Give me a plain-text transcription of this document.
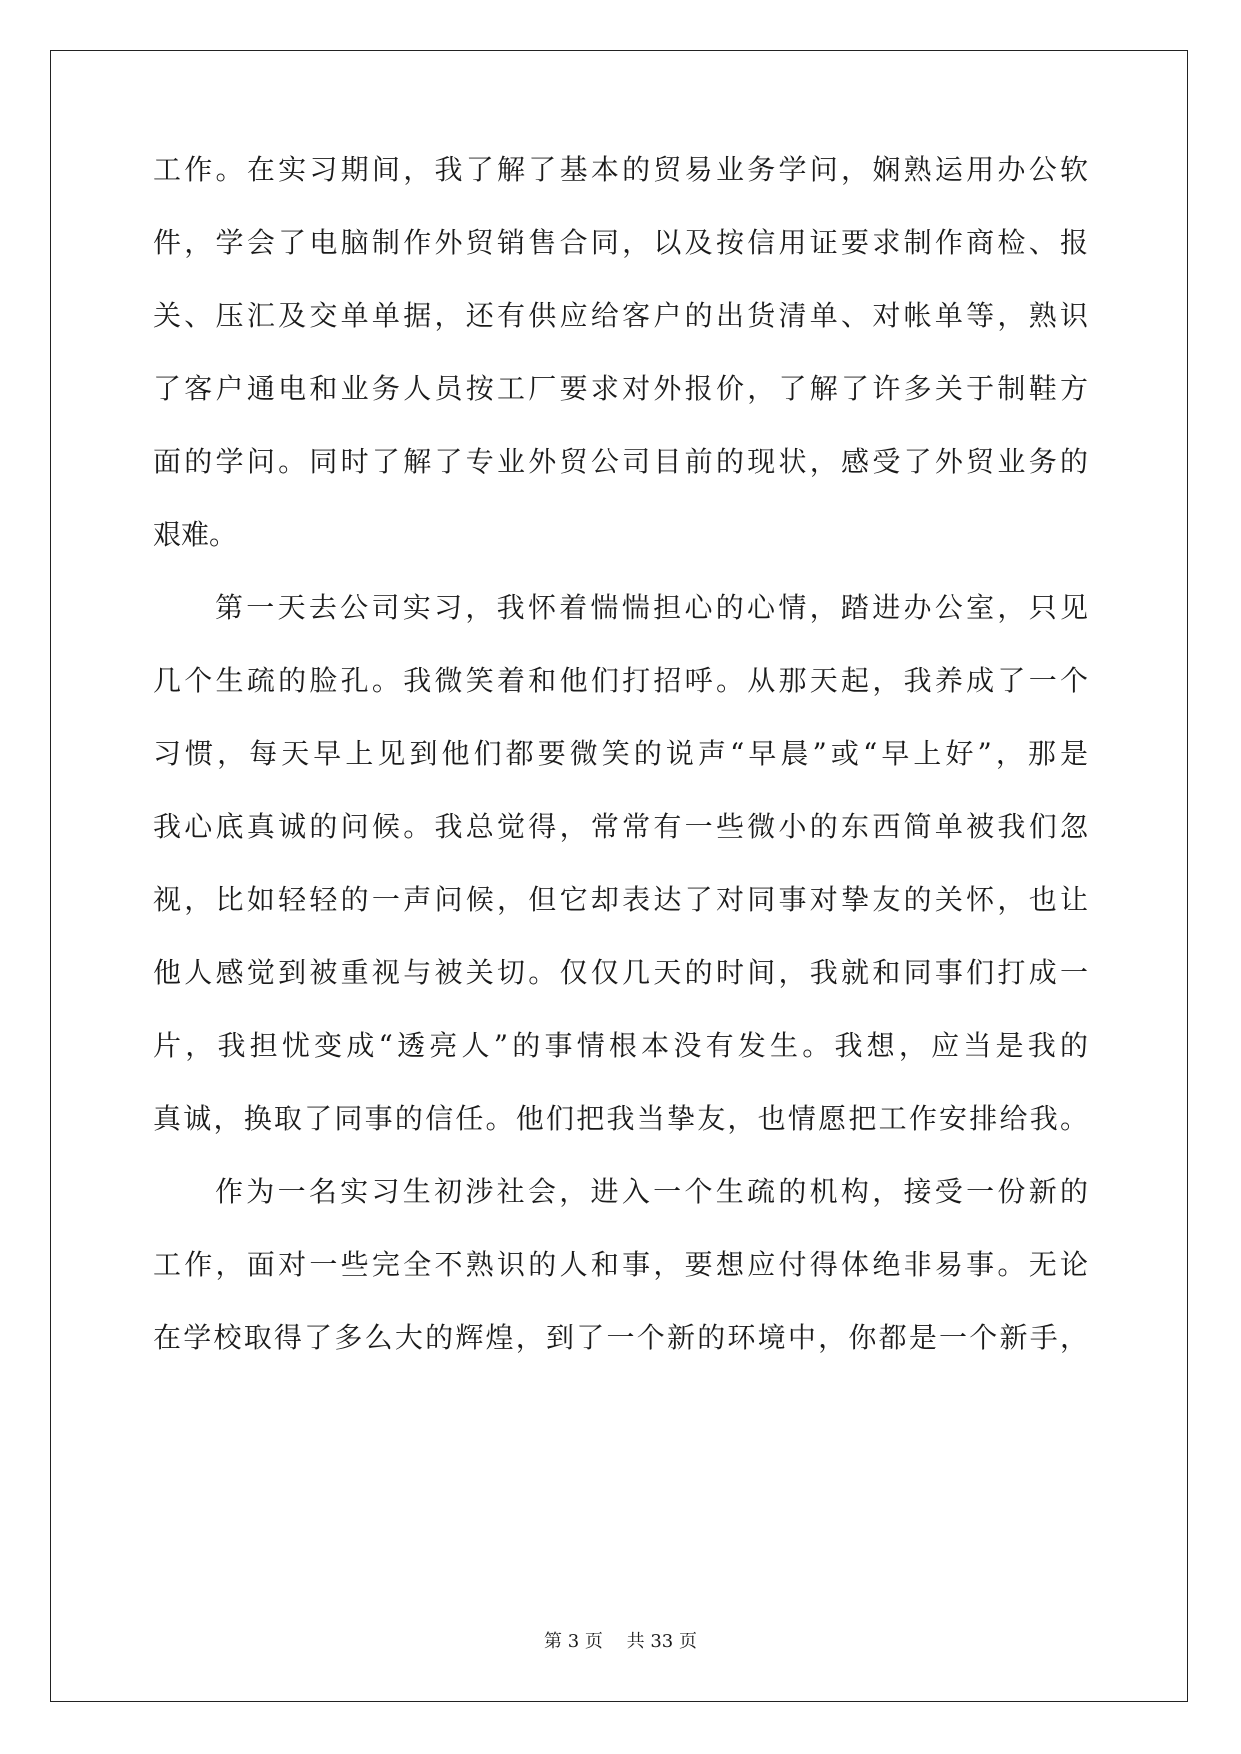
工作。在实习期间，我了解了基本的贸易业务学问，娴熟运用办公软
件，学会了电脑制作外贸销售合同，以及按信用证要求制作商检、报
关、压汇及交单单据，还有供应给客户的出货清单、对帐单等，熟识
了客户通电和业务人员按工厂要求对外报价，了解了许多关于制鞋方
面的学问。同时了解了专业外贸公司目前的现状，感受了外贸业务的
艰难。
第一天去公司实习，我怀着惴惴担心的心情，踏进办公室，只见
几个生疏的脸孔。我微笑着和他们打招呼。从那天起，我养成了一个
习惯，每天早上见到他们都要微笑的说声“早晨”或“早上好”，那是
我心底真诚的问候。我总觉得，常常有一些微小的东西简单被我们忽
视，比如轻轻的一声问候，但它却表达了对同事对挚友的关怀，也让
他人感觉到被重视与被关切。仅仅几天的时间，我就和同事们打成一
片，我担忧变成“透亮人”的事情根本没有发生。我想，应当是我的
真诚，换取了同事的信任。他们把我当挚友，也情愿把工作安排给我。
作为一名实习生初涉社会，进入一个生疏的机构，接受一份新的
工作，面对一些完全不熟识的人和事，要想应付得体绝非易事。无论
在学校取得了多么大的辉煌，到了一个新的环境中，你都是一个新手，
第 3 页　 共 33 页
